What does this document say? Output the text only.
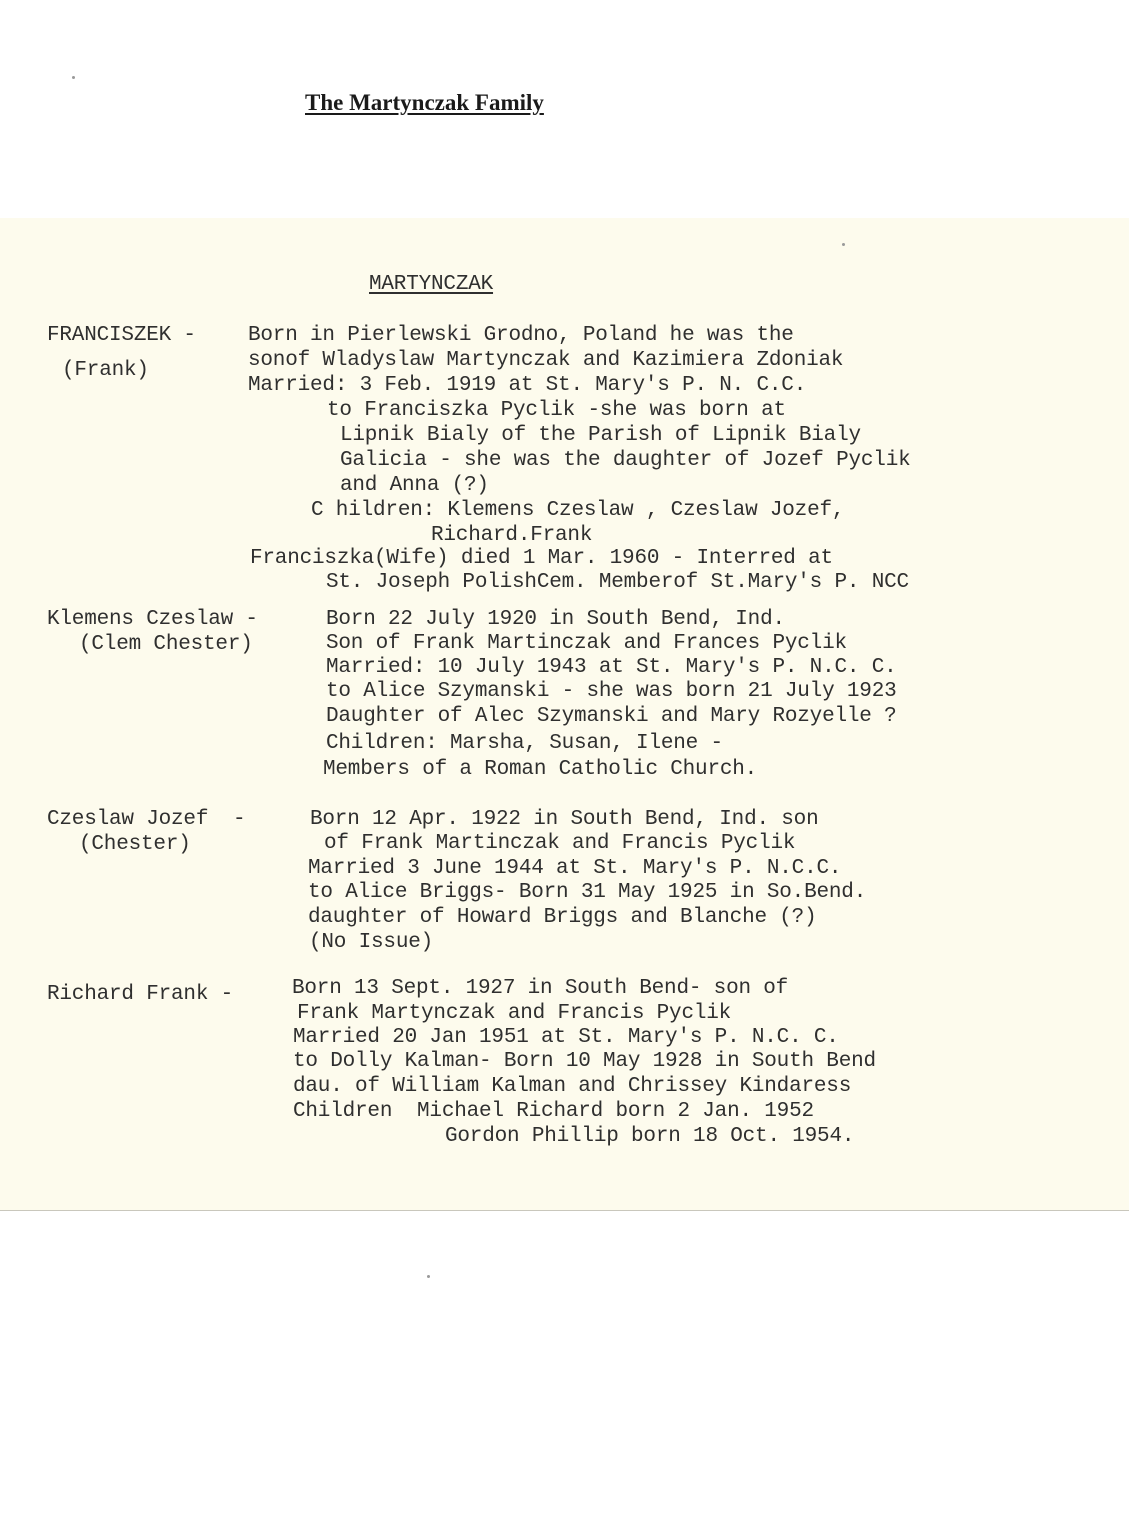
The Martynczak Family
MARTYNCZAK
FRANCISZEK -
(Frank)
Born in Pierlewski Grodno, Poland he was the
sonof Wladyslaw Martynczak and Kazimiera Zdoniak
Married: 3 Feb. 1919 at St. Mary's P. N. C.C.
to Franciszka Pyclik -she was born at
Lipnik Bialy of the Parish of Lipnik Bialy
Galicia - she was the daughter of Jozef Pyclik
and Anna (?)
C hildren: Klemens Czeslaw , Czeslaw Jozef,
Richard.Frank
Franciszka(Wife) died 1 Mar. 1960 - Interred at
St. Joseph PolishCem. Memberof St.Mary's P. NCC
Klemens Czeslaw -
(Clem Chester)
Born 22 July 1920 in South Bend, Ind.
Son of Frank Martinczak and Frances Pyclik
Married: 10 July 1943 at St. Mary's P. N.C. C.
to Alice Szymanski - she was born 21 July 1923
Daughter of Alec Szymanski and Mary Rozyelle ?
Children: Marsha, Susan, Ilene -
Members of a Roman Catholic Church.
Czeslaw Jozef  -
(Chester)
Born 12 Apr. 1922 in South Bend, Ind. son
of Frank Martinczak and Francis Pyclik
Married 3 June 1944 at St. Mary's P. N.C.C.
to Alice Briggs- Born 31 May 1925 in So.Bend.
daughter of Howard Briggs and Blanche (?)
(No Issue)
Richard Frank -	Born 13 Sept. 1927 in South Bend- son of
Frank Martynczak and Francis Pyclik
Married 20 Jan 1951 at St. Mary's P. N.C. C.
to Dolly Kalman- Born 10 May 1928 in South Bend
dau. of William Kalman and Chrissey Kindaress
Children  Michael Richard born 2 Jan. 1952
Gordon Phillip born 18 Oct. 1954.
